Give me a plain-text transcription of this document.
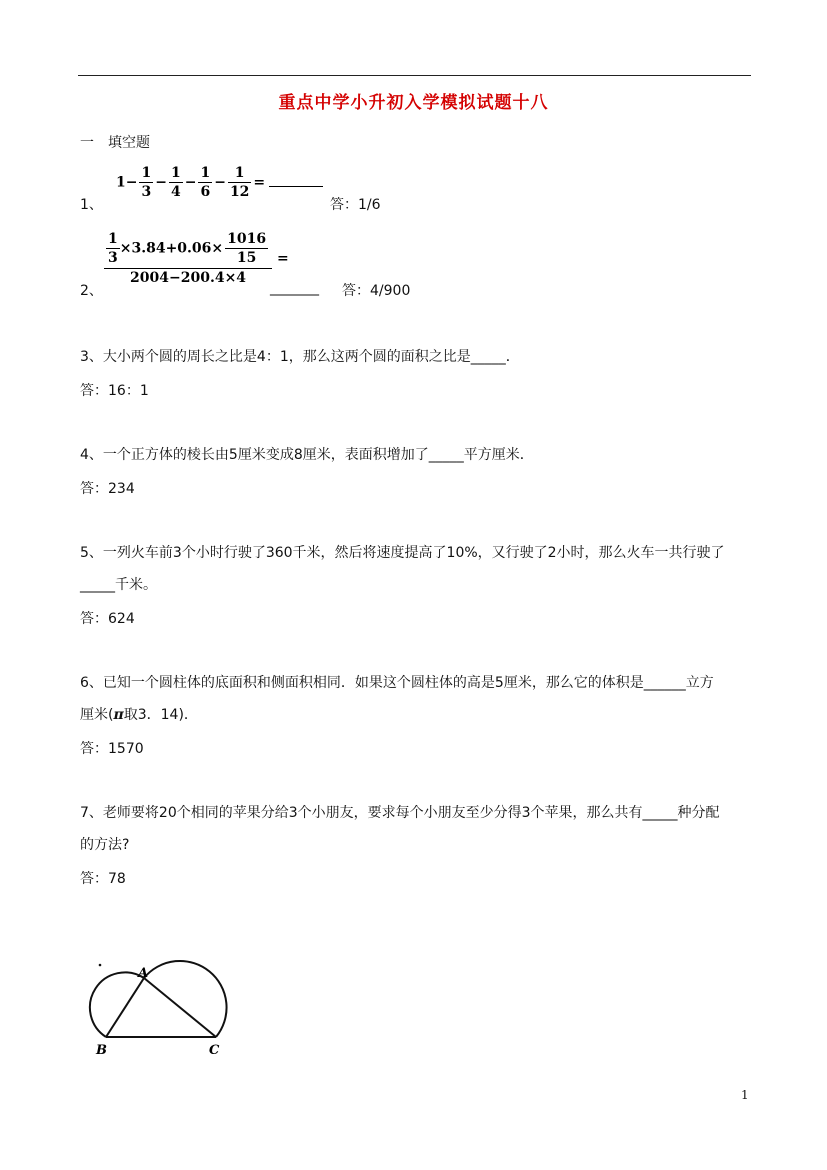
重点中学小升初入学模拟试题十八
一　填空题
1、
$1- \frac{1}{3} - \frac{1}{4} - \frac{1}{6} - \frac{1}{12}$ =
答：1/6
2、
$\frac{\frac{1}{3} \times 3.84+0.06\times \frac{1016}{15}}{2004-200.4\times 4}$ =
_______ 答：4/900
3、大小两个圆的周长之比是4：1，那么这两个圆的面积之比是_____．
答：16：1
4、一个正方体的棱长由5厘米变成8厘米，表面积增加了_____平方厘米．
答：234
5、一列火车前3个小时行驶了360千米，然后将速度提高了10%，又行驶了2小时，那么火车一共行驶了
_____千米。
答：624
6、已知一个圆柱体的底面积和侧面积相同．如果这个圆柱体的高是5厘米，那么它的体积是______立方
厘米(π取3．14)．
答：1570
7、老师要将20个相同的苹果分给3个小朋友，要求每个小朋友至少分得3个苹果，那么共有_____种分配
的方法?
答：78
A
B	C
1
